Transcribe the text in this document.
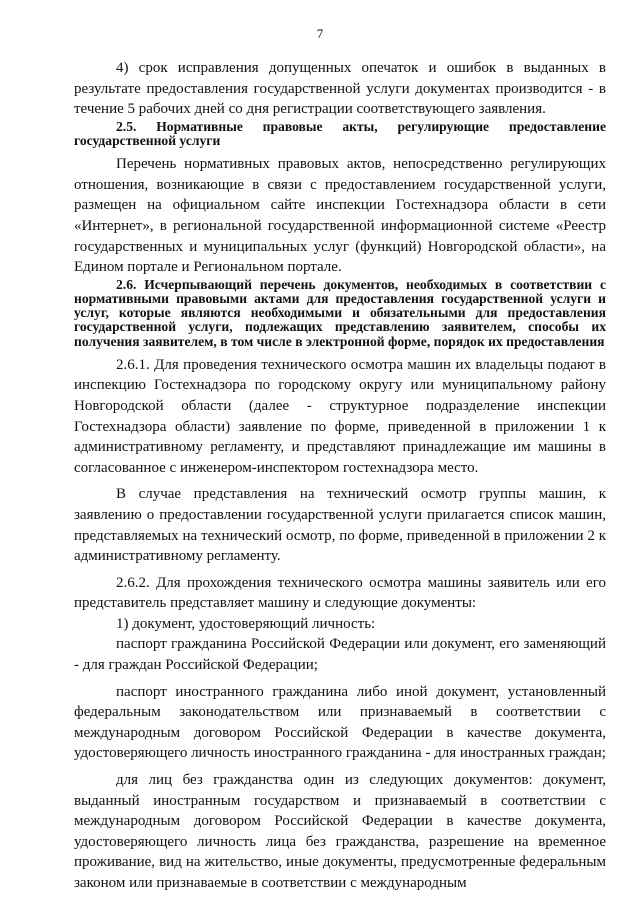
7

4) срок исправления допущенных опечаток и ошибок в выданных в результате предоставления государственной услуги документах производится - в течение 5 рабочих дней со дня регистрации соответствующего заявления.

2.5. Нормативные правовые акты, регулирующие предоставление государственной услуги

Перечень нормативных правовых актов, непосредственно регулирующих отношения, возникающие в связи с предоставлением государственной услуги, размещен на официальном сайте инспекции Гостехнадзора области в сети «Интернет», в региональной государственной информационной системе «Реестр государственных и муниципальных услуг (функций) Новгородской области», на Едином портале и Региональном портале.

2.6. Исчерпывающий перечень документов, необходимых в соответствии с нормативными правовыми актами для предоставления государственной услуги и услуг, которые являются необходимыми и обязательными для предоставления государственной услуги, подлежащих представлению заявителем, способы их получения заявителем, в том числе в электронной форме, порядок их предоставления

2.6.1. Для проведения технического осмотра машин их владельцы подают в инспекцию Гостехнадзора по городскому округу или муниципальному району Новгородской области (далее - структурное подразделение инспекции Гостехнадзора области) заявление по форме, приведенной в приложении 1 к административному регламенту, и представляют принадлежащие им машины в согласованное с инженером-инспектором гостехнадзора место.

В случае представления на технический осмотр группы машин, к заявлению о предоставлении государственной услуги прилагается список машин, представляемых на технический осмотр, по форме, приведенной в приложении 2 к административному регламенту.

2.6.2. Для прохождения технического осмотра машины заявитель или его представитель представляет машину и следующие документы:

1) документ, удостоверяющий личность:

паспорт гражданина Российской Федерации или документ, его заменяющий - для граждан Российской Федерации;

паспорт иностранного гражданина либо иной документ, установленный федеральным законодательством или признаваемый в соответствии с международным договором Российской Федерации в качестве документа, удостоверяющего личность иностранного гражданина - для иностранных граждан;

для лиц без гражданства один из следующих документов: документ, выданный иностранным государством и признаваемый в соответствии с международным договором Российской Федерации в качестве документа, удостоверяющего личность лица без гражданства, разрешение на временное проживание, вид на жительство, иные документы, предусмотренные федеральным законом или признаваемые в соответствии с международным
